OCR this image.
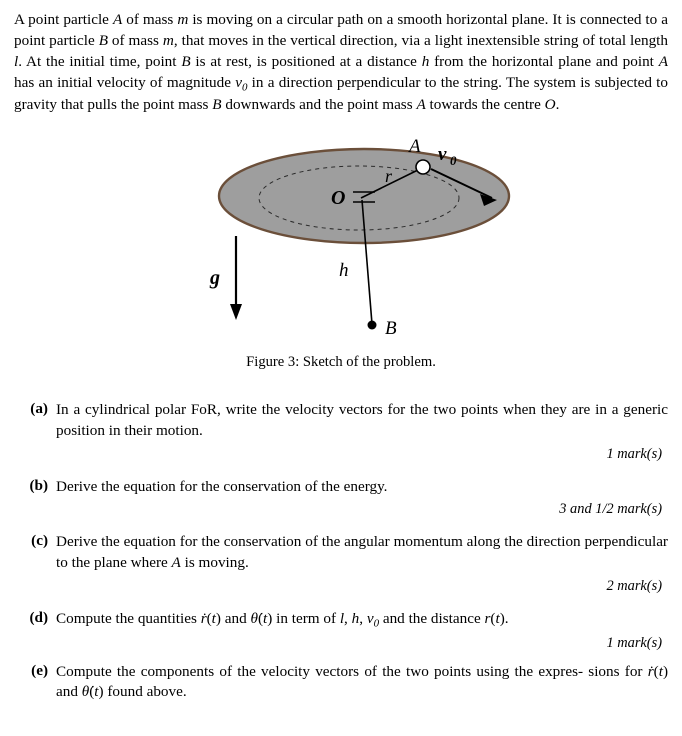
A point particle A of mass m is moving on a circular path on a smooth horizontal plane. It is connected to a point particle B of mass m, that moves in the vertical direction, via a light inextensible string of total length l. At the initial time, point B is at rest, is positioned at a distance h from the horizontal plane and point A has an initial velocity of magnitude $v_0$ in a direction perpendicular to the string. The system is subjected to gravity that pulls the point mass B downwards and the point mass A towards the centre O.

A
r
O
h
B
g
v 0
Figure 3: Sketch of the problem.
(a) In a cylindrical polar FoR, write the velocity vectors for the two points when they are in a generic position in their motion.
1 mark(s)
(b) Derive the equation for the conservation of the energy.
3 and 1/2 mark(s)
(c) Derive the equation for the conservation of the angular momentum along the direction perpendicular to the plane where A is moving.
2 mark(s)
(d) Compute the quantities ṙ(t) and θ̇(t) in term of l, h, $v_0$ and the distance r(t).
1 mark(s)
(e) Compute the components of the velocity vectors of the two points using the expres- sions for ṙ(t) and θ̇(t) found above.
